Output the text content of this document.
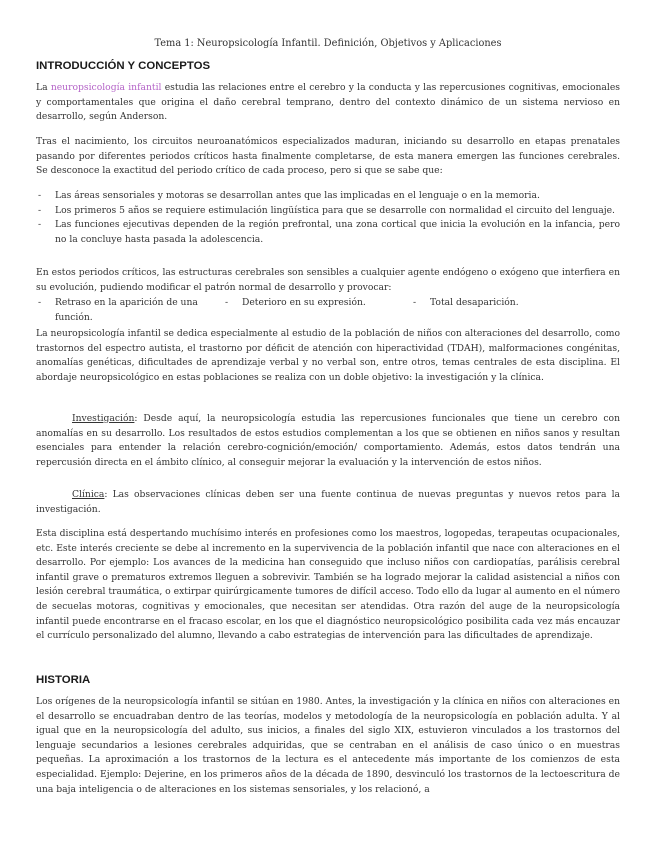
Tema 1: Neuropsicología Infantil. Definición, Objetivos y Aplicaciones
INTRODUCCIÓN Y CONCEPTOS

La neuropsicología infantil estudia las relaciones entre el cerebro y la conducta y las repercusiones cognitivas, emocionales y comportamentales que origina el daño cerebral temprano, dentro del contexto dinámico de un sistema nervioso en desarrollo, según Anderson.

Tras el nacimiento, los circuitos neuroanatómicos especializados maduran, iniciando su desarrollo en etapas prenatales pasando por diferentes periodos críticos hasta finalmente completarse, de esta manera emergen las funciones cerebrales. Se desconoce la exactitud del periodo crítico de cada proceso, pero si que se sabe que:

- Las áreas sensoriales y motoras se desarrollan antes que las implicadas en el lenguaje o en la memoria.
- Los primeros 5 años se requiere estimulación lingüística para que se desarrolle con normalidad el circuito del lenguaje.
- Las funciones ejecutivas dependen de la región prefrontal, una zona cortical que inicia la evolución en la infancia, pero no la concluye hasta pasada la adolescencia.

En estos periodos críticos, las estructuras cerebrales son sensibles a cualquier agente endógeno o exógeno que interfiera en su evolución, pudiendo modificar el patrón normal de desarrollo y provocar:

- Retraso en la aparición de una función.
- Deterioro en su expresión.
-	Total desaparición.

La neuropsicología infantil se dedica especialmente al estudio de la población de niños con alteraciones del desarrollo, como trastornos del espectro autista, el trastorno por déficit de atención con hiperactividad (TDAH), malformaciones congénitas, anomalías genéticas, dificultades de aprendizaje verbal y no verbal son, entre otros, temas centrales de esta disciplina. El abordaje neuropsicológico en estas poblaciones se realiza con un doble objetivo: la investigación y la clínica.

Investigación: Desde aquí, la neuropsicología estudia las repercusiones funcionales que tiene un cerebro con anomalías en su desarrollo. Los resultados de estos estudios complementan a los que se obtienen en niños sanos y resultan esenciales para entender la relación cerebro-cognición/emoción/ comportamiento. Además, estos datos tendrán una repercusión directa en el ámbito clínico, al conseguir mejorar la evaluación y la intervención de estos niños.

Clínica: Las observaciones clínicas deben ser una fuente continua de nuevas preguntas y nuevos retos para la investigación.

Esta disciplina está despertando muchísimo interés en profesiones como los maestros, logopedas, terapeutas ocupacionales, etc. Este interés creciente se debe al incremento en la supervivencia de la población infantil que nace con alteraciones en el desarrollo. Por ejemplo: Los avances de la medicina han conseguido que incluso niños con cardiopatías, parálisis cerebral infantil grave o prematuros extremos lleguen a sobrevivir. También se ha logrado mejorar la calidad asistencial a niños con lesión cerebral traumática, o extirpar quirúrgicamente tumores de difícil acceso. Todo ello da lugar al aumento en el número de secuelas motoras, cognitivas y emocionales, que necesitan ser atendidas. Otra razón del auge de la neuropsicología infantil puede encontrarse en el fracaso escolar, en los que el diagnóstico neuropsicológico posibilita cada vez más encauzar el currículo personalizado del alumno, llevando a cabo estrategias de intervención para las dificultades de aprendizaje.

HISTORIA

Los orígenes de la neuropsicología infantil se sitúan en 1980. Antes, la investigación y la clínica en niños con alteraciones en el desarrollo se encuadraban dentro de las teorías, modelos y metodología de la neuropsicología en población adulta. Y al igual que en la neuropsicología del adulto, sus inicios, a finales del siglo XIX, estuvieron vinculados a los trastornos del lenguaje secundarios a lesiones cerebrales adquiridas, que se centraban en el análisis de caso único o en muestras pequeñas. La aproximación a los trastornos de la lectura es el antecedente más importante de los comienzos de esta especialidad. Ejemplo: Dejerine, en los primeros años de la década de 1890, desvinculó los trastornos de la lectoescritura de una baja inteligencia o de alteraciones en los sistemas sensoriales, y los relacionó, a
